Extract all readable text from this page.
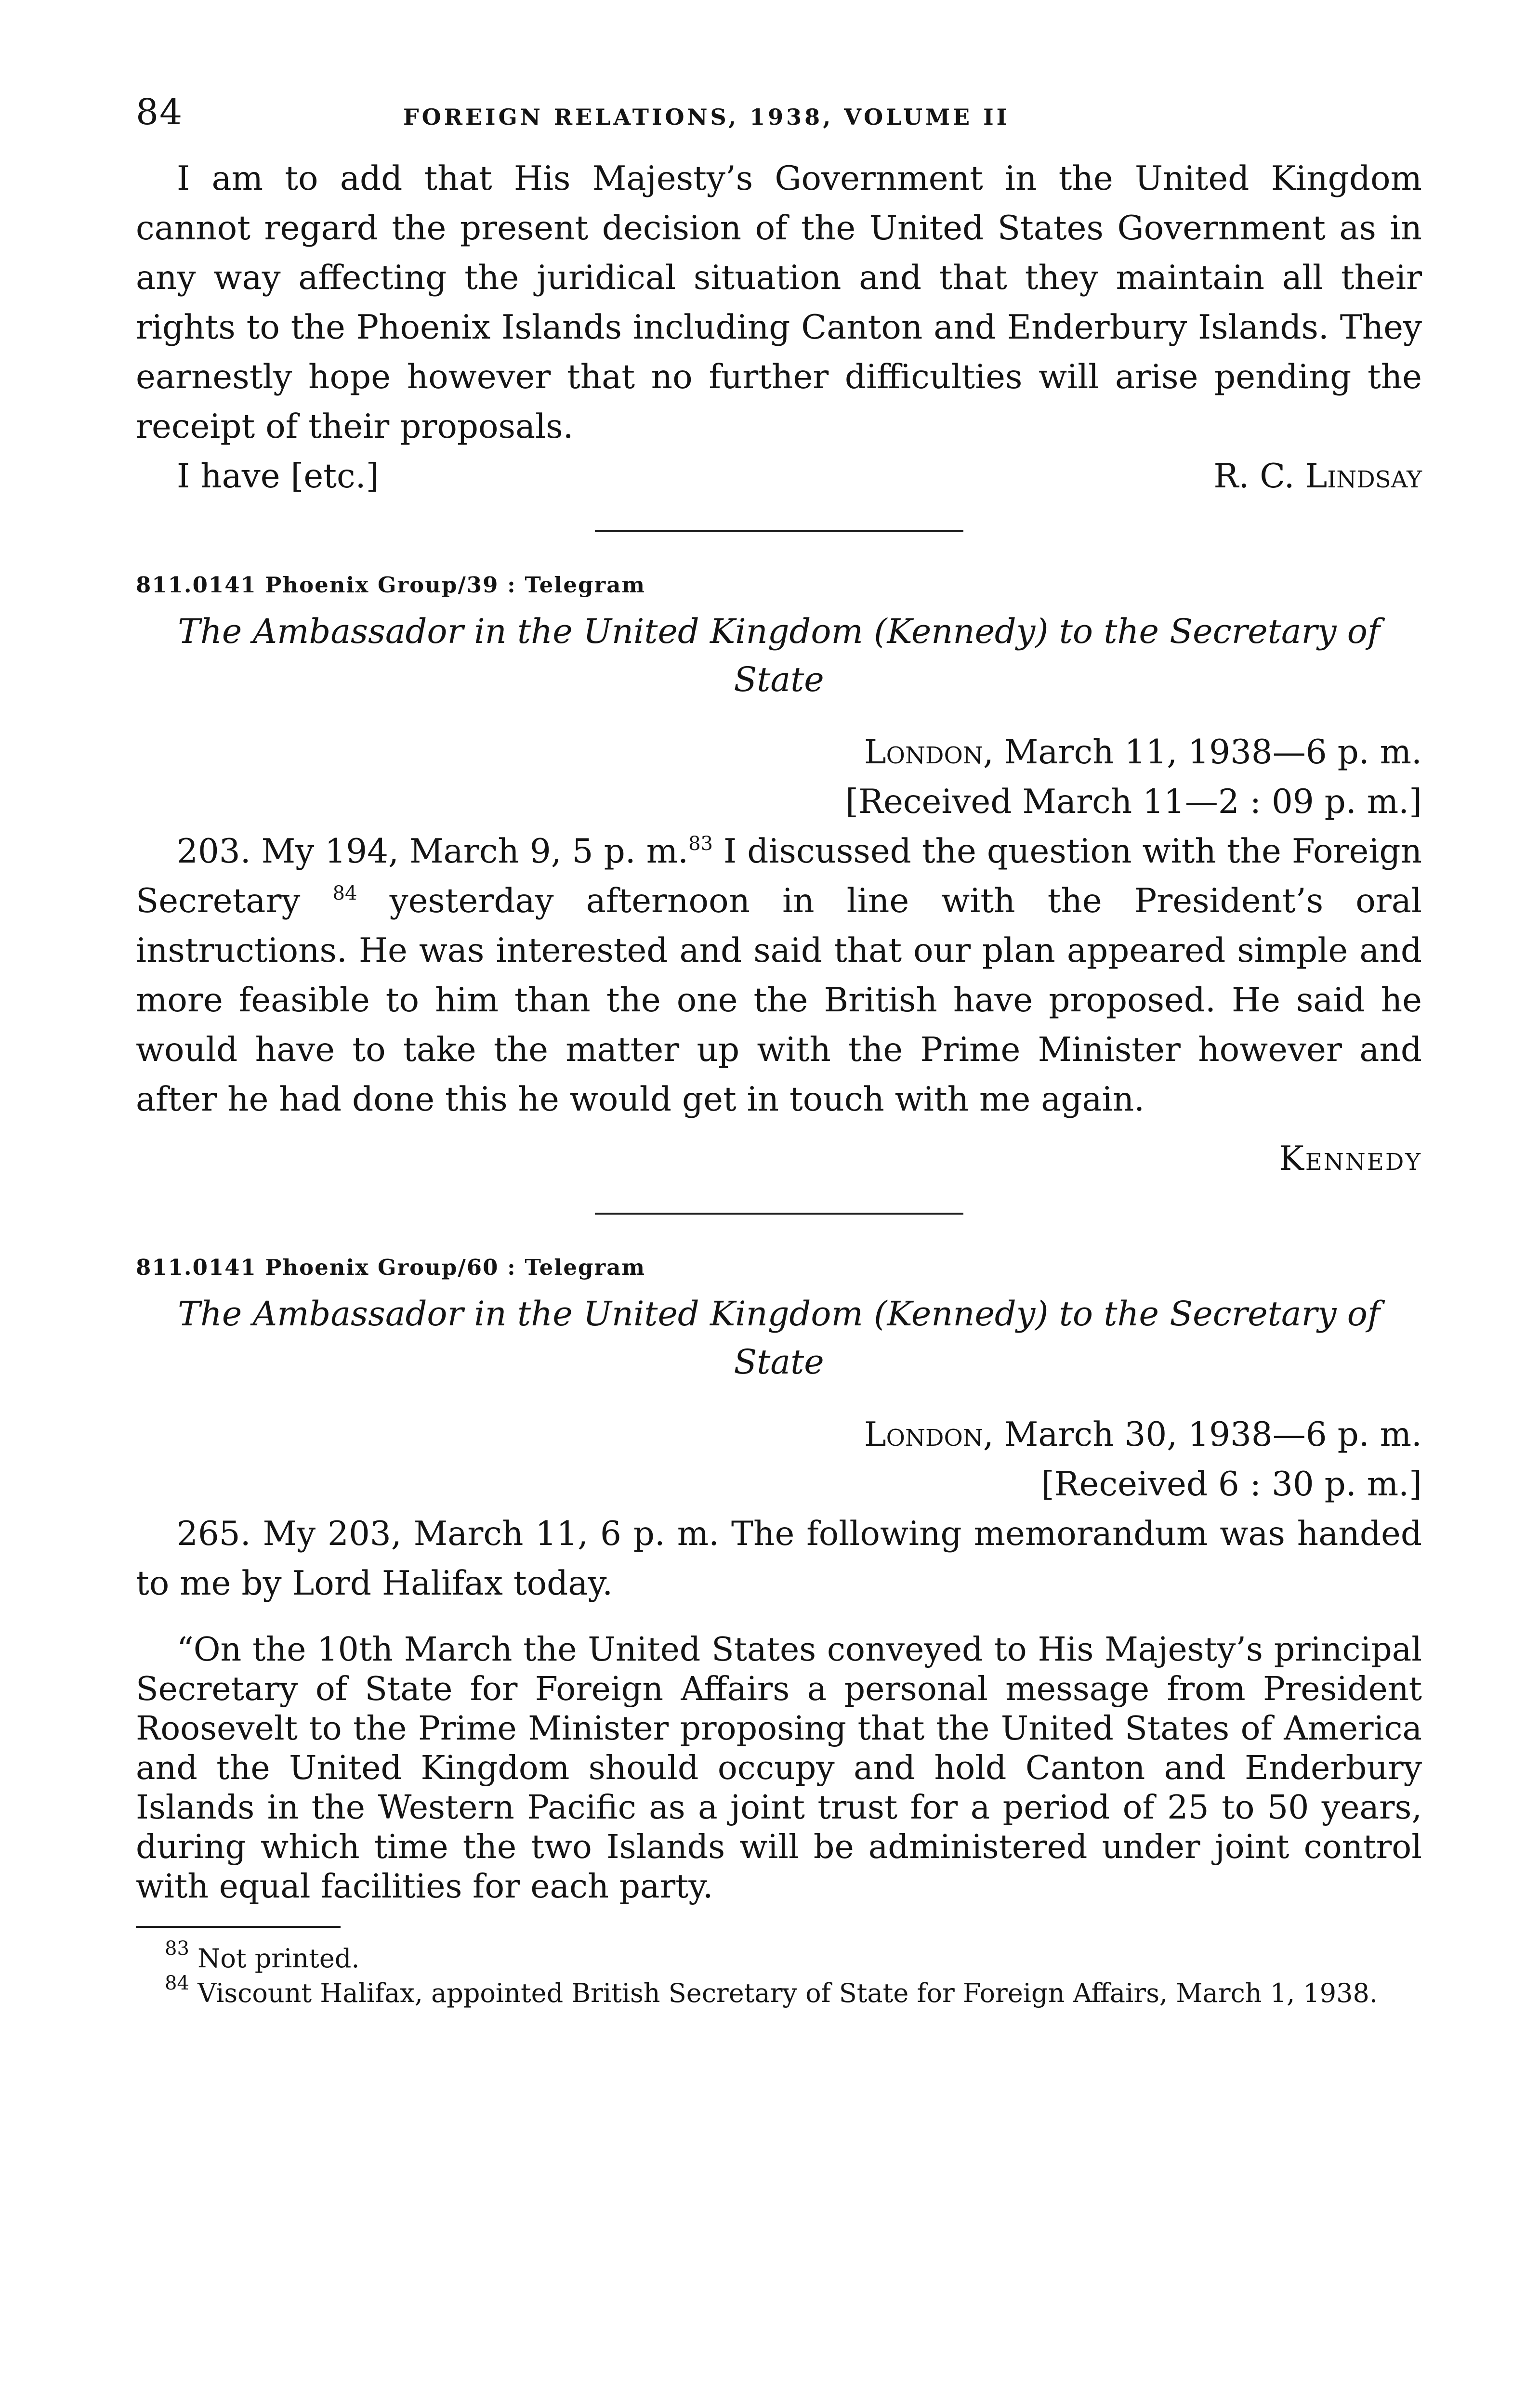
84	FOREIGN RELATIONS, 1938, VOLUME II

I am to add that His Majesty’s Government in the United Kingdom cannot regard the present decision of the United States Government as in any way affecting the juridical situation and that they maintain all their rights to the Phoenix Islands including Canton and Enderbury Islands. They earnestly hope however that no further difficulties will arise pending the receipt of their proposals.

I have [etc.]	R. C. Lindsay

811.0141 Phoenix Group/39 : Telegram

The Ambassador in the United Kingdom (Kennedy) to the Secretary of State

London, March 11, 1938—6 p. m.

[Received March 11—2 : 09 p. m.]

203. My 194, March 9, 5 p. m.$^{83}$ I discussed the question with the Foreign Secretary $^{84}$ yesterday afternoon in line with the President’s oral instructions. He was interested and said that our plan appeared simple and more feasible to him than the one the British have proposed. He said he would have to take the matter up with the Prime Minister however and after he had done this he would get in touch with me again.

Kennedy

811.0141 Phoenix Group/60 : Telegram

The Ambassador in the United Kingdom (Kennedy) to the Secretary of State

London, March 30, 1938—6 p. m.

[Received 6 : 30 p. m.]

265. My 203, March 11, 6 p. m. The following memorandum was handed to me by Lord Halifax today.

“On the 10th March the United States conveyed to His Majesty’s principal Secretary of State for Foreign Affairs a personal message from President Roosevelt to the Prime Minister proposing that the United States of America and the United Kingdom should occupy and hold Canton and Enderbury Islands in the Western Pacific as a joint trust for a period of 25 to 50 years, during which time the two Islands will be administered under joint control with equal facilities for each party.

$^{83}$ Not printed.

$^{84}$ Viscount Halifax, appointed British Secretary of State for Foreign Affairs, March 1, 1938.
